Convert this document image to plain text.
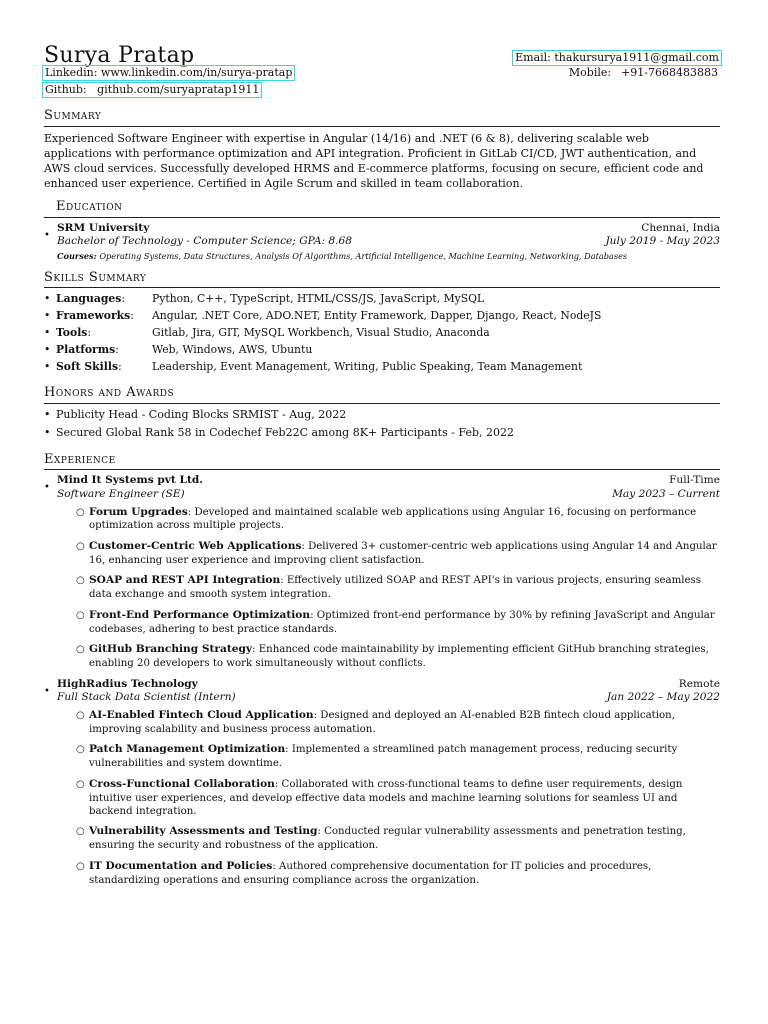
Surya Pratap
Linkedin: www.linkedin.com/in/surya-pratap
Github: github.com/suryapratap1911
Email: thakursurya1911@gmail.com
Mobile: +91-7668483883
Summary

Experienced Software Engineer with expertise in Angular (14/16) and .NET (6 & 8), delivering scalable web applications with performance optimization and API integration. Proficient in GitLab CI/CD, JWT authentication, and AWS cloud services. Successfully developed HRMS and E-commerce platforms, focusing on secure, efficient code and enhanced user experience. Certified in Agile Scrum and skilled in team collaboration.

Education
•
SRM University	Chennai, India
Bachelor of Technology - Computer Science; GPA: 8.68	July 2019 - May 2023
Courses: Operating Systems, Data Structures, Analysis Of Algorithms, Artificial Intelligence, Machine Learning, Networking, Databases
Skills Summary
• Languages:	Python, C++, TypeScript, HTML/CSS/JS, JavaScript, MySQL
• Frameworks: Angular, .NET Core, ADO.NET, Entity Framework, Dapper, Django, React, NodeJS
• Tools:	Gitlab, Jira, GIT, MySQL Workbench, Visual Studio, Anaconda
• Platforms:	Web, Windows, AWS, Ubuntu
• Soft Skills:	Leadership, Event Management, Writing, Public Speaking, Team Management
Honors and Awards
• Publicity Head - Coding Blocks SRMIST - Aug, 2022
• Secured Global Rank 58 in Codechef Feb22C among 8K+ Participants - Feb, 2022
Experience
•
Mind It Systems pvt Ltd.	Full-Time
Software Engineer (SE)	May 2023 – Current
○ Forum Upgrades: Developed and maintained scalable web applications using Angular 16, focusing on performance optimization across multiple projects.
○ Customer-Centric Web Applications: Delivered 3+ customer-centric web applications using Angular 14 and Angular 16, enhancing user experience and improving client satisfaction.
○ SOAP and REST API Integration: Effectively utilized SOAP and REST API's in various projects, ensuring seamless data exchange and smooth system integration.
○ Front-End Performance Optimization: Optimized front-end performance by 30% by refining JavaScript and Angular codebases, adhering to best practice standards.
○ GitHub Branching Strategy: Enhanced code maintainability by implementing efficient GitHub branching strategies, enabling 20 developers to work simultaneously without conflicts.
•
HighRadius Technology	Remote
Full Stack Data Scientist (Intern)	Jan 2022 – May 2022
○ AI-Enabled Fintech Cloud Application: Designed and deployed an AI-enabled B2B fintech cloud application, improving scalability and business process automation.
○ Patch Management Optimization: Implemented a streamlined patch management process, reducing security vulnerabilities and system downtime.
○ Cross-Functional Collaboration: Collaborated with cross-functional teams to define user requirements, design intuitive user experiences, and develop effective data models and machine learning solutions for seamless UI and backend integration.
○ Vulnerability Assessments and Testing: Conducted regular vulnerability assessments and penetration testing, ensuring the security and robustness of the application.
○ IT Documentation and Policies: Authored comprehensive documentation for IT policies and procedures, standardizing operations and ensuring compliance across the organization.
